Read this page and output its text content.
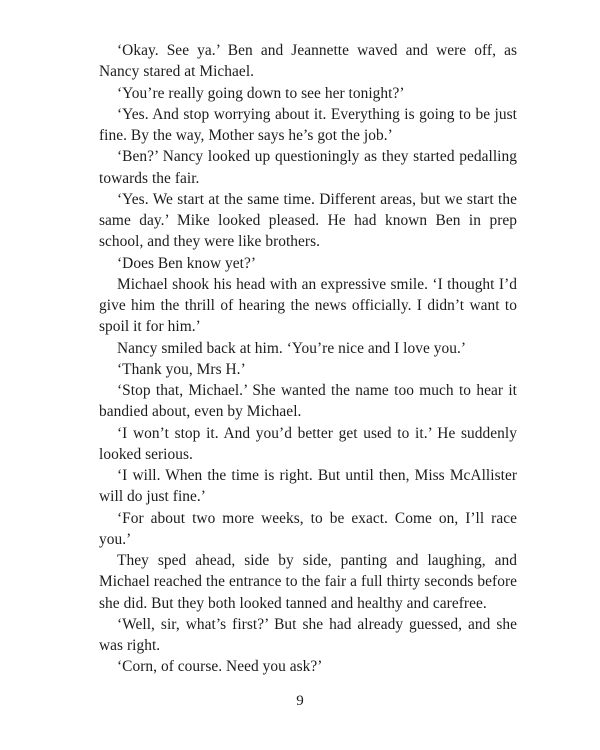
‘Okay. See ya.’ Ben and Jeannette waved and were off, as Nancy stared at Michael.

‘You’re really going down to see her tonight?’

‘Yes. And stop worrying about it. Everything is going to be just fine. By the way, Mother says he’s got the job.’

‘Ben?’ Nancy looked up questioningly as they started pedalling towards the fair.

‘Yes. We start at the same time. Different areas, but we start the same day.’ Mike looked pleased. He had known Ben in prep school, and they were like brothers.

‘Does Ben know yet?’

Michael shook his head with an expressive smile. ‘I thought I’d give him the thrill of hearing the news officially. I didn’t want to spoil it for him.’

Nancy smiled back at him. ‘You’re nice and I love you.’

‘Thank you, Mrs H.’

‘Stop that, Michael.’ She wanted the name too much to hear it bandied about, even by Michael.

‘I won’t stop it. And you’d better get used to it.’ He suddenly looked serious.

‘I will. When the time is right. But until then, Miss McAllister will do just fine.’

‘For about two more weeks, to be exact. Come on, I’ll race you.’

They sped ahead, side by side, panting and laughing, and Michael reached the entrance to the fair a full thirty seconds before she did. But they both looked tanned and healthy and carefree.

‘Well, sir, what’s first?’ But she had already guessed, and she was right.

‘Corn, of course. Need you ask?’

9
